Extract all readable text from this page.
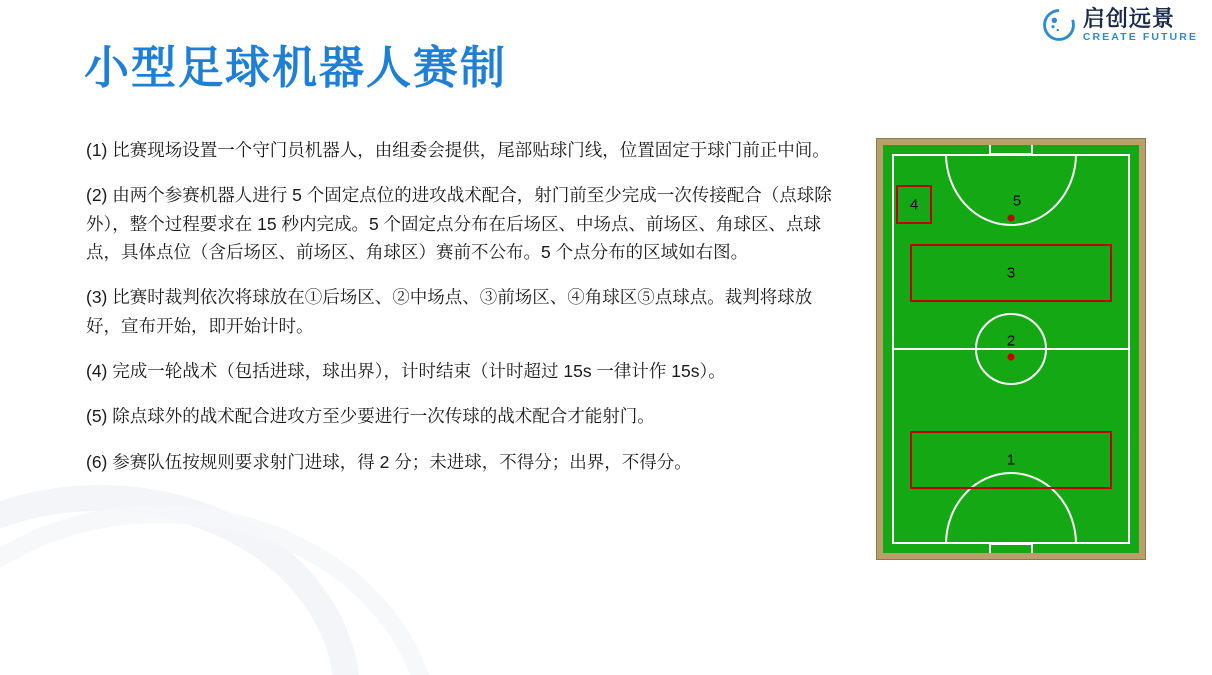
启创远景
CREATE FUTURE
小型足球机器人赛制

(1) 比赛现场设置一个守门员机器人，由组委会提供，尾部贴球门线，位置固定于球门前正中间。

(2) 由两个参赛机器人进行 5 个固定点位的进攻战术配合，射门前至少完成一次传接配合（点球除外），整个过程要求在 15 秒内完成。5 个固定点分布在后场区、中场点、前场区、角球区、点球点，具体点位（含后场区、前场区、角球区）赛前不公布。5 个点分布的区域如右图。

(3) 比赛时裁判依次将球放在①后场区、②中场点、③前场区、④角球区⑤点球点。裁判将球放好，宣布开始，即开始计时。

(4) 完成一轮战术（包括进球，球出界），计时结束（计时超过 15s 一律计作 15s）。

(5) 除点球外的战术配合进攻方至少要进行一次传球的战术配合才能射门。

(6) 参赛队伍按规则要求射门进球，得 2 分；未进球，不得分；出界，不得分。

4	5
3
2
1
